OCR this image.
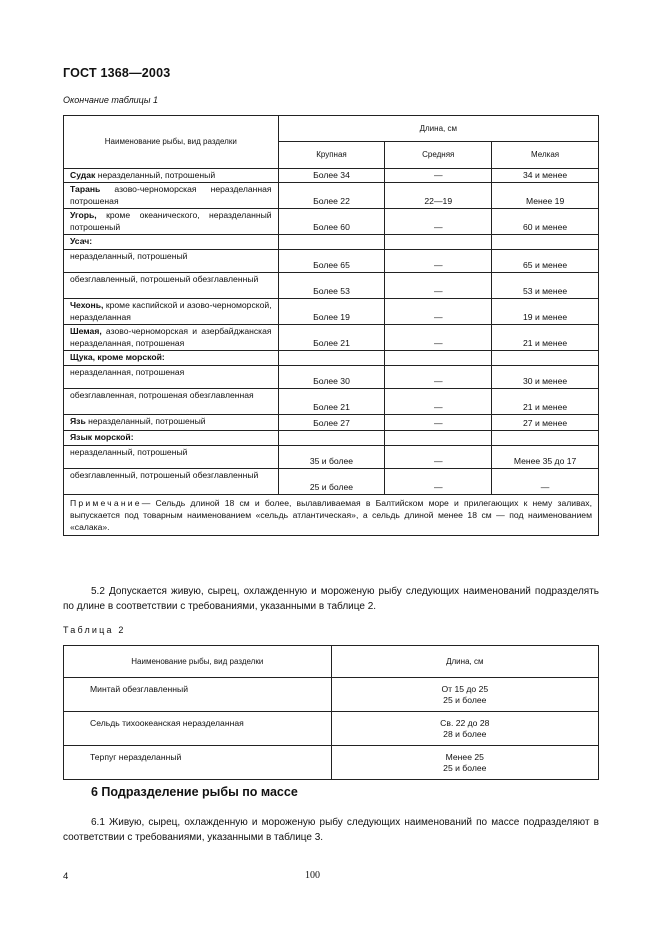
ГОСТ 1368—2003
Окончание таблицы 1
Наименование рыбы, вид разделки	Длина, см		
	Крупная	Средняя	Мелкая
Судак неразделанный, потрошеный	Более 34	—	34 и менее
Тарань азово-черноморская неразделанная потрошеная	Более 22	22—19	Менее 19
Угорь, кроме океанического, неразделанный потрошеный	Более 60	—	60 и менее
Усач:			
неразделанный, потрошеный	Более 65	—	65 и менее
обезглавленный, потрошеный обезглавленный	Более 53	—	53 и менее
Чехонь, кроме каспийской и азово-черноморской, неразделанная	Более 19	—	19 и менее
Шемая, азово-черноморская и азербайджанская неразделанная, потрошеная	Более 21	—	21 и менее
Щука, кроме морской:			
неразделанная, потрошеная	Более 30	—	30 и менее
обезглавленная, потрошеная обезглавленная	Более 21	—	21 и менее
Язь неразделанный, потрошеный	Более 27	—	27 и менее
Язык морской:			
неразделанный, потрошеный	35 и более	—	Менее 35 до 17
обезглавленный, потрошеный обезглавленный	25 и более	—	—
Примечание— Сельдь длиной 18 см и более, вылавливаемая в Балтийском море и прилегающих к нему заливах, выпускается под товарным наименованием «сельдь атлантическая», а сельдь длиной менее 18 см — под наименованием «салака».			
5.2 Допускается живую, сырец, охлажденную и мороженую рыбу следующих наименований подразделять по длине в соответствии с требованиями, указанными в таблице 2.
Таблица 2
Наименование рыбы, вид разделки	Длина, см
Минтай обезглавленный	От 15 до 25
25 и более

Сельдь тихоокеанская неразделанная	Св. 22 до 28
28 и более

Терпуг неразделанный	Менее 25
25 и более
6 Подразделение рыбы по массе
6.1 Живую, сырец, охлажденную и мороженую рыбу следующих наименований по массе подразделяют в соответствии с требованиями, указанными в таблице 3.
4	100
